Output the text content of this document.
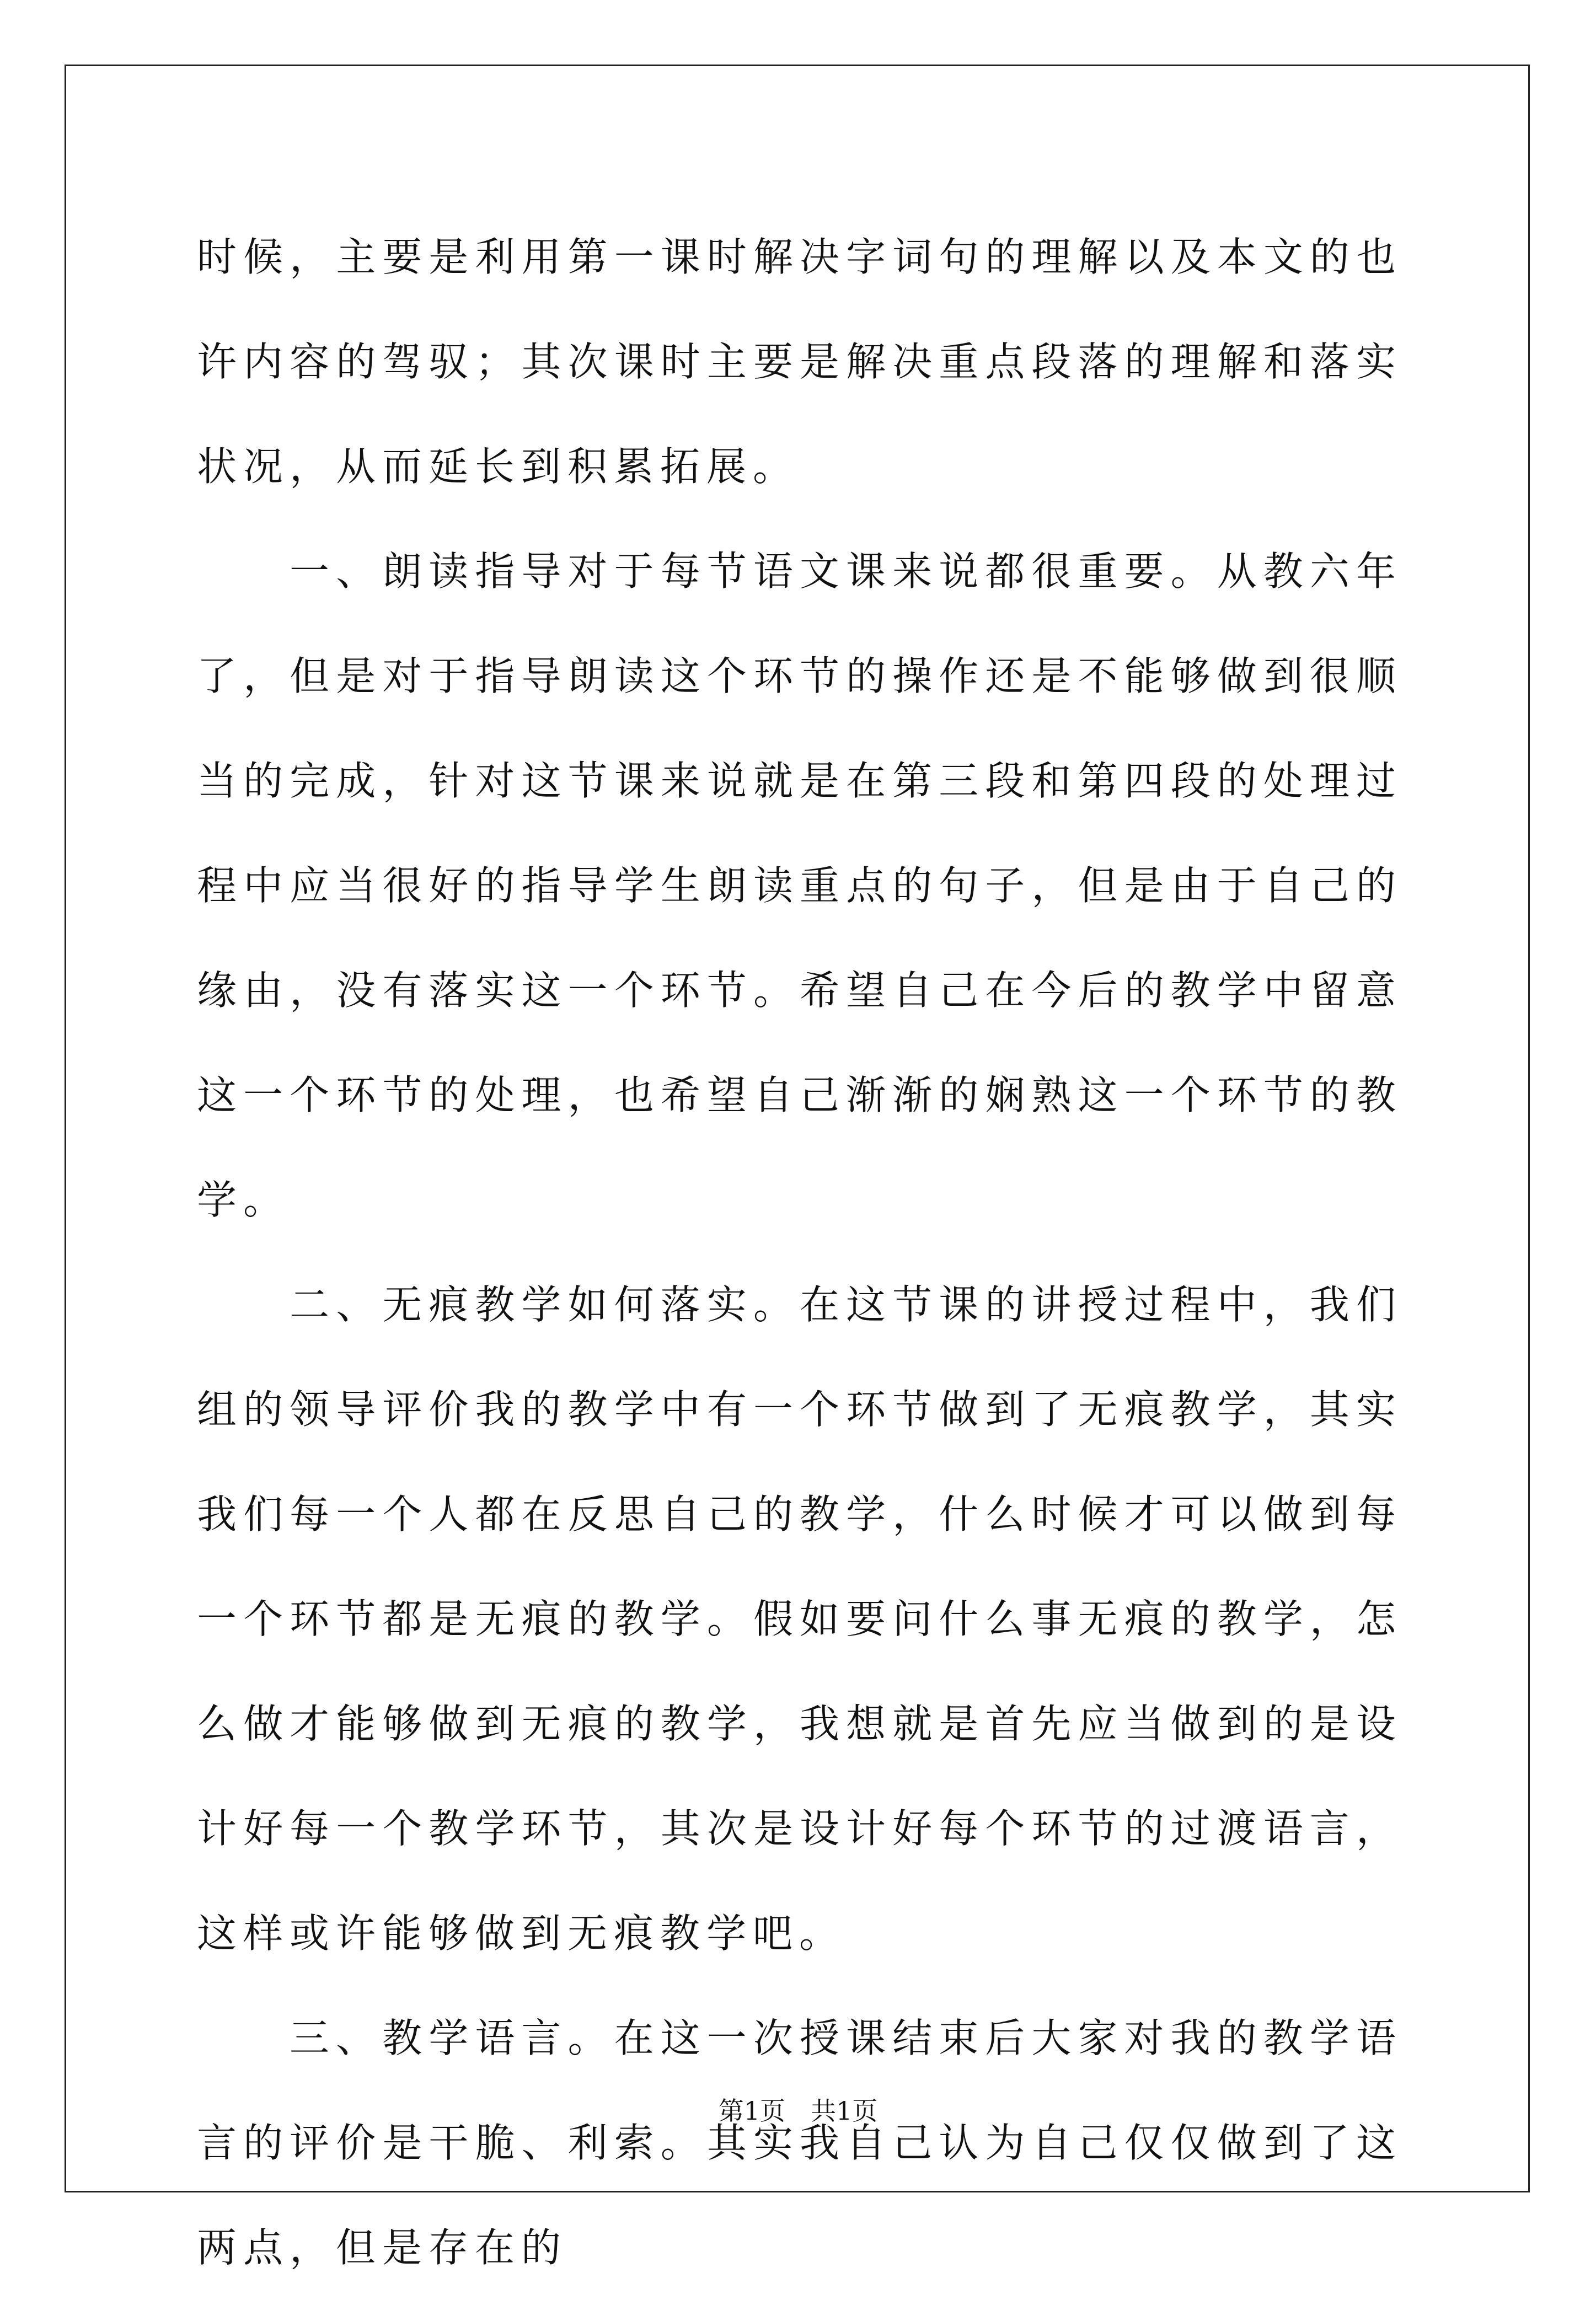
时候，主要是利用第一课时解决字词句的理解以及本文的也许内容的驾驭；其次课时主要是解决重点段落的理解和落实状况，从而延长到积累拓展。

一、朗读指导对于每节语文课来说都很重要。从教六年了，但是对于指导朗读这个环节的操作还是不能够做到很顺当的完成，针对这节课来说就是在第三段和第四段的处理过程中应当很好的指导学生朗读重点的句子，但是由于自己的缘由，没有落实这一个环节。希望自己在今后的教学中留意这一个环节的处理，也希望自己渐渐的娴熟这一个环节的教学。

二、无痕教学如何落实。在这节课的讲授过程中，我们组的领导评价我的教学中有一个环节做到了无痕教学，其实我们每一个人都在反思自己的教学，什么时候才可以做到每一个环节都是无痕的教学。假如要问什么事无痕的教学，怎么做才能够做到无痕的教学，我想就是首先应当做到的是设计好每一个教学环节，其次是设计好每个环节的过渡语言，这样或许能够做到无痕教学吧。

三、教学语言。在这一次授课结束后大家对我的教学语言的评价是干脆、利索。其实我自己认为自己仅仅做到了这两点，但是存在的

第1页　共1页
